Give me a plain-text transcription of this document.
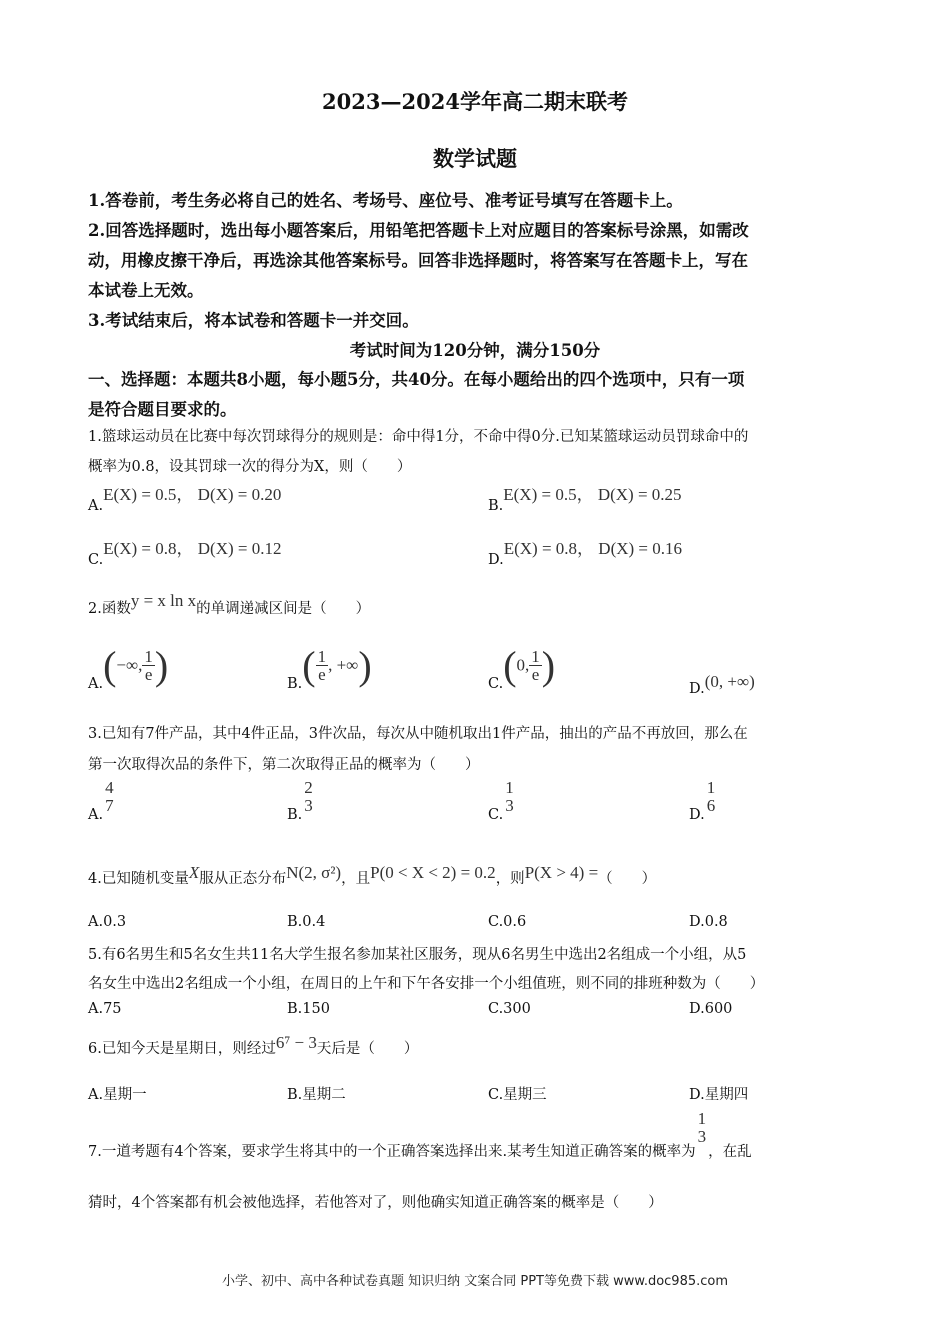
2023—2024学年高二期末联考
数学试题
1.答卷前，考生务必将自己的姓名、考场号、座位号、准考证号填写在答题卡上。
2.回答选择题时，选出每小题答案后，用铅笔把答题卡上对应题目的答案标号涂黑，如需改
动，用橡皮擦干净后，再选涂其他答案标号。回答非选择题时，将答案写在答题卡上，写在
本试卷上无效。
3.考试结束后，将本试卷和答题卡一并交回。
考试时间为120分钟，满分150分
一、选择题：本题共8小题，每小题5分，共40分。在每小题给出的四个选项中，只有一项
是符合题目要求的。
1.篮球运动员在比赛中每次罚球得分的规则是：命中得1分，不命中得0分.已知某篮球运动员罚球命中的
概率为0.8，设其罚球一次的得分为X，则（　　）
A.E(X) = 0.5， D(X) = 0.20
B.E(X) = 0.5， D(X) = 0.25
C.E(X) = 0.8， D(X) = 0.12
D.E(X) = 0.8， D(X) = 0.16
2.函数y = x ln x的单调递减区间是（　　）
A.(−∞, $\frac{1}{e}$ )	$B.( \frac{1}{e}$ , +∞)	C.(0, $\frac{1}{e}$ )
D.(0, +∞)
3.已知有7件产品，其中4件正品，3件次品，每次从中随机取出1件产品，抽出的产品不再放回，那么在
第一次取得次品的条件下，第二次取得正品的概率为（　　）
A.
$\frac{4}{7}$
B.
$\frac{2}{3}$
C.
$\frac{1}{3}$
D.
$\frac{1}{6}$
4.已知随机变量X服从正态分布N(2, σ²)，且P(0 < X < 2) = 0.2，则P(X > 4) =（　　）
A.0.3	B.0.4	C.0.6	D.0.8
5.有6名男生和5名女生共11名大学生报名参加某社区服务，现从6名男生中选出2名组成一个小组，从5
名女生中选出2名组成一个小组，在周日的上午和下午各安排一个小组值班，则不同的排班种数为（　　）
A.75	B.150	C.300	D.600
6.已知今天是星期日，则经过6⁷ − 3天后是（　　）
A.星期一	B.星期二	C.星期三	D.星期四
7.一道考题有4个答案，要求学生将其中的一个正确答案选择出来.某考生知道正确答案的概率为
$\frac{1}{3}$
，在乱
猜时，4个答案都有机会被他选择，若他答对了，则他确实知道正确答案的概率是（　　）
小学、初中、高中各种试卷真题 知识归纳 文案合同 PPT等免费下载 www.doc985.com
